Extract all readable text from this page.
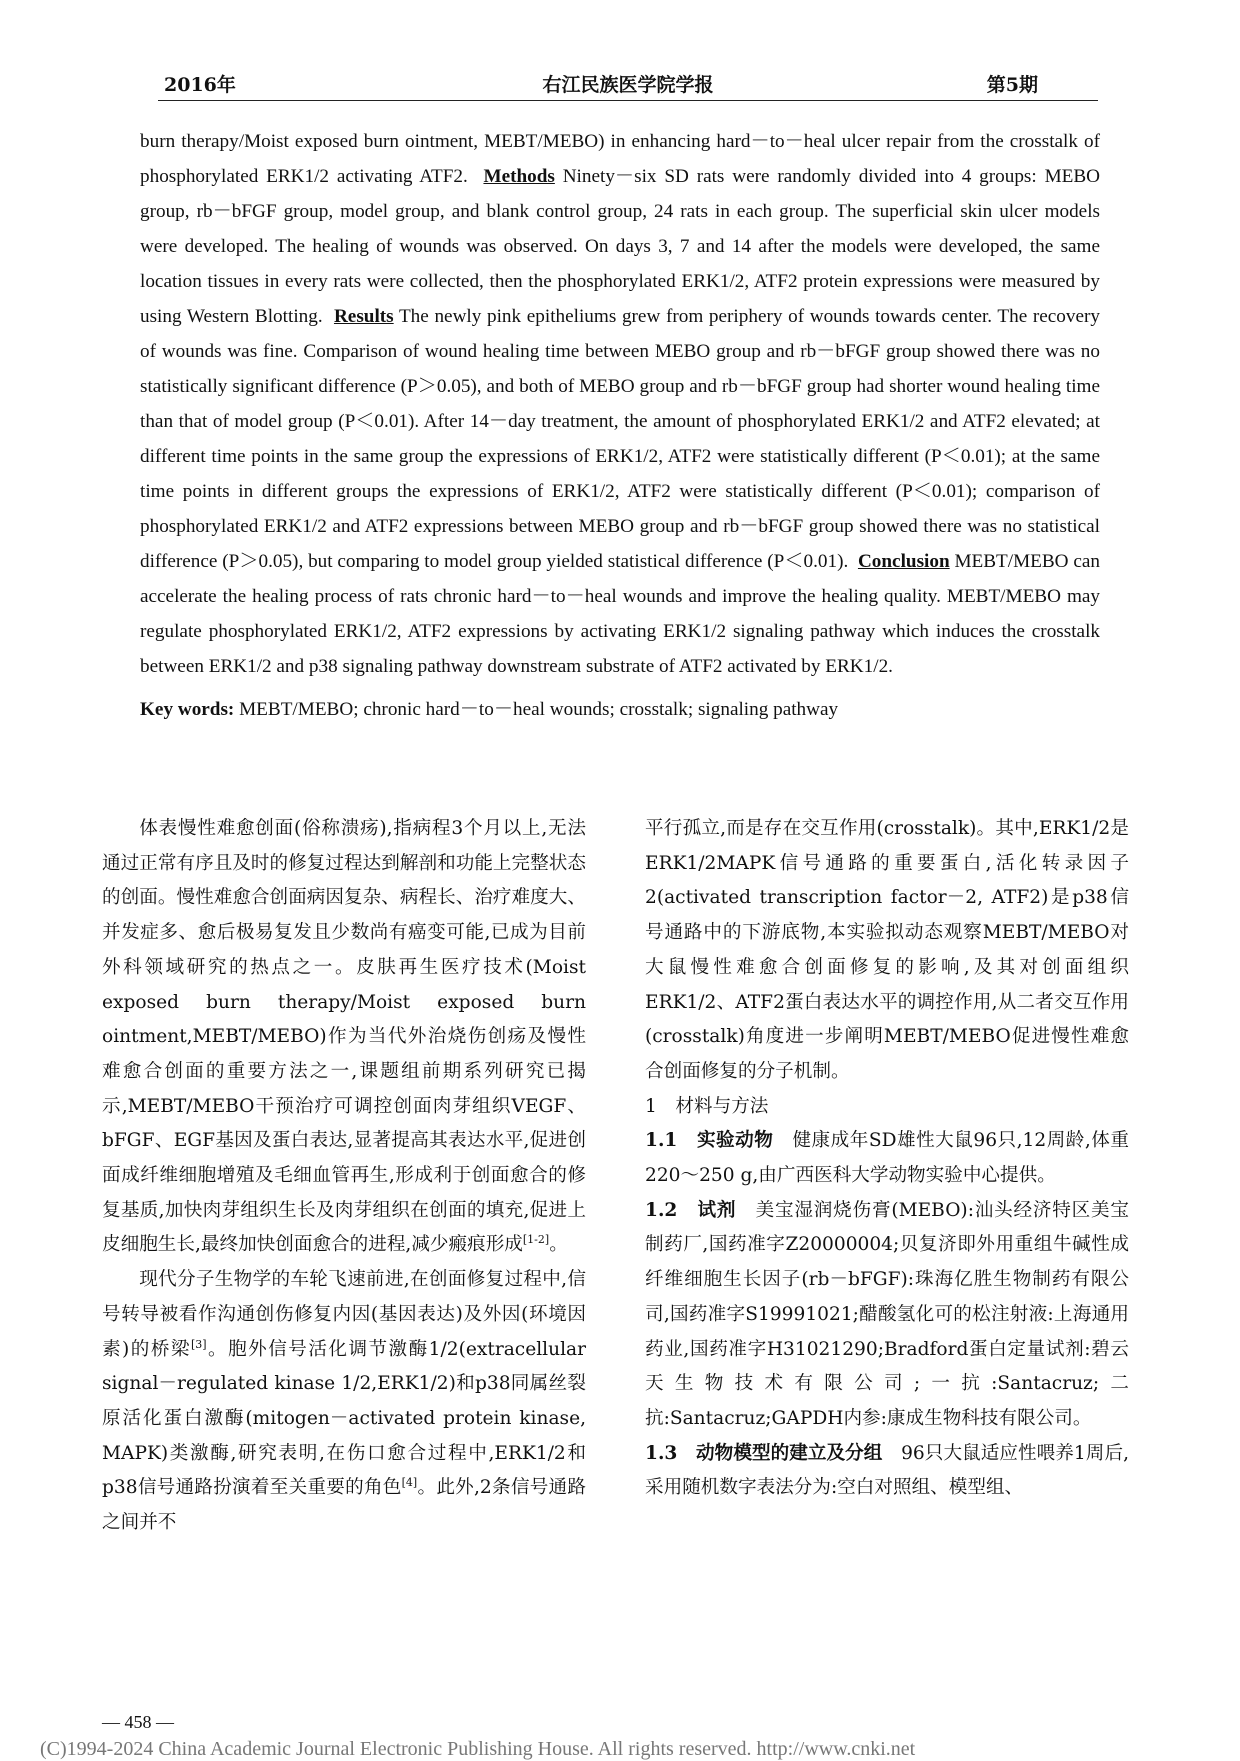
2016年	右江民族医学院学报	第5期

burn therapy/Moist exposed burn ointment, MEBT/MEBO) in enhancing hard－to－heal ulcer repair from the crosstalk of phosphorylated ERK1/2 activating ATF2. Methods Ninety－six SD rats were randomly divided into 4 groups: MEBO group, rb－bFGF group, model group, and blank control group, 24 rats in each group. The superficial skin ulcer models were developed. The healing of wounds was observed. On days 3, 7 and 14 after the models were developed, the same location tissues in every rats were collected, then the phosphorylated ERK1/2, ATF2 protein expressions were measured by using Western Blotting. Results The newly pink epitheliums grew from periphery of wounds towards center. The recovery of wounds was fine. Comparison of wound healing time between MEBO group and rb－bFGF group showed there was no statistically significant difference (P＞0.05), and both of MEBO group and rb－bFGF group had shorter wound healing time than that of model group (P＜0.01). After 14－day treatment, the amount of phosphorylated ERK1/2 and ATF2 elevated; at different time points in the same group the expressions of ERK1/2, ATF2 were statistically different (P＜0.01); at the same time points in different groups the expressions of ERK1/2, ATF2 were statistically different (P＜0.01); comparison of phosphorylated ERK1/2 and ATF2 expressions between MEBO group and rb－bFGF group showed there was no statistical difference (P＞0.05), but comparing to model group yielded statistical difference (P＜0.01). Conclusion MEBT/MEBO can accelerate the healing process of rats chronic hard－to－heal wounds and improve the healing quality. MEBT/MEBO may regulate phosphorylated ERK1/2, ATF2 expressions by activating ERK1/2 signaling pathway which induces the crosstalk between ERK1/2 and p38 signaling pathway downstream substrate of ATF2 activated by ERK1/2.

Key words: MEBT/MEBO; chronic hard－to－heal wounds; crosstalk; signaling pathway

体表慢性难愈创面(俗称溃疡),指病程3个月以上,无法通过正常有序且及时的修复过程达到解剖和功能上完整状态的创面。慢性难愈合创面病因复杂、病程长、治疗难度大、并发症多、愈后极易复发且少数尚有癌变可能,已成为目前外科领域研究的热点之一。皮肤再生医疗技术(Moist exposed burn therapy/Moist exposed burn ointment,MEBT/MEBO)作为当代外治烧伤创疡及慢性难愈合创面的重要方法之一,课题组前期系列研究已揭示,MEBT/MEBO干预治疗可调控创面肉芽组织VEGF、bFGF、EGF基因及蛋白表达,显著提高其表达水平,促进创面成纤维细胞增殖及毛细血管再生,形成利于创面愈合的修复基质,加快肉芽组织生长及肉芽组织在创面的填充,促进上皮细胞生长,最终加快创面愈合的进程,减少瘢痕形成[1-2]。

现代分子生物学的车轮飞速前进,在创面修复过程中,信号转导被看作沟通创伤修复内因(基因表达)及外因(环境因素)的桥梁[3]。胞外信号活化调节激酶1/2(extracellular signal－regulated kinase 1/2,ERK1/2)和p38同属丝裂原活化蛋白激酶(mitogen－activated protein kinase, MAPK)类激酶,研究表明,在伤口愈合过程中,ERK1/2和p38信号通路扮演着至关重要的角色[4]。此外,2条信号通路之间并不

平行孤立,而是存在交互作用(crosstalk)。其中,ERK1/2是ERK1/2MAPK信号通路的重要蛋白,活化转录因子2(activated transcription factor－2, ATF2)是p38信号通路中的下游底物,本实验拟动态观察MEBT/MEBO对大鼠慢性难愈合创面修复的影响,及其对创面组织ERK1/2、ATF2蛋白表达水平的调控作用,从二者交互作用(crosstalk)角度进一步阐明MEBT/MEBO促进慢性难愈合创面修复的分子机制。

1　材料与方法

1.1　实验动物　健康成年SD雄性大鼠96只,12周龄,体重220～250 g,由广西医科大学动物实验中心提供。

1.2　试剂　美宝湿润烧伤膏(MEBO):汕头经济特区美宝制药厂,国药准字Z20000004;贝复济即外用重组牛碱性成纤维细胞生长因子(rb－bFGF):珠海亿胜生物制药有限公司,国药准字S19991021;醋酸氢化可的松注射液:上海通用药业,国药准字H31021290;Bradford蛋白定量试剂:碧云天生物技术有限公司;一抗:Santacruz;二抗:Santacruz;GAPDH内参:康成生物科技有限公司。

1.3　动物模型的建立及分组　96只大鼠适应性喂养1周后,采用随机数字表法分为:空白对照组、模型组、

— 458 —
(C)1994-2024 China Academic Journal Electronic Publishing House. All rights reserved. http://www.cnki.net
